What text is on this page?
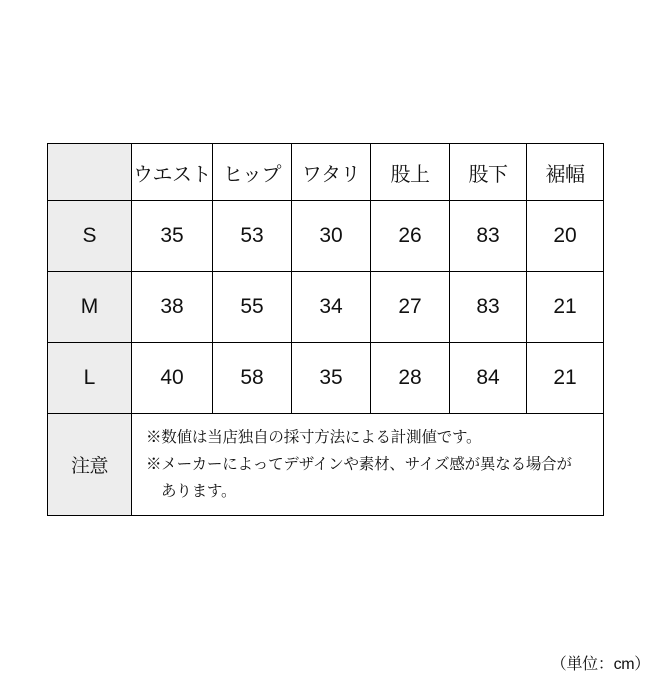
	ウエスト	ヒップ	ワタリ	股上	股下	裾幅
S	35	53	30	26	83	20
M	38	55	34	27	83	21
L	40	58	35	28	84	21
注意	※数値は当店独自の採寸方法による計測値です。
※メーカーによってデザインや素材、サイズ感が異なる場合が
あります。					
（単位：cm）
